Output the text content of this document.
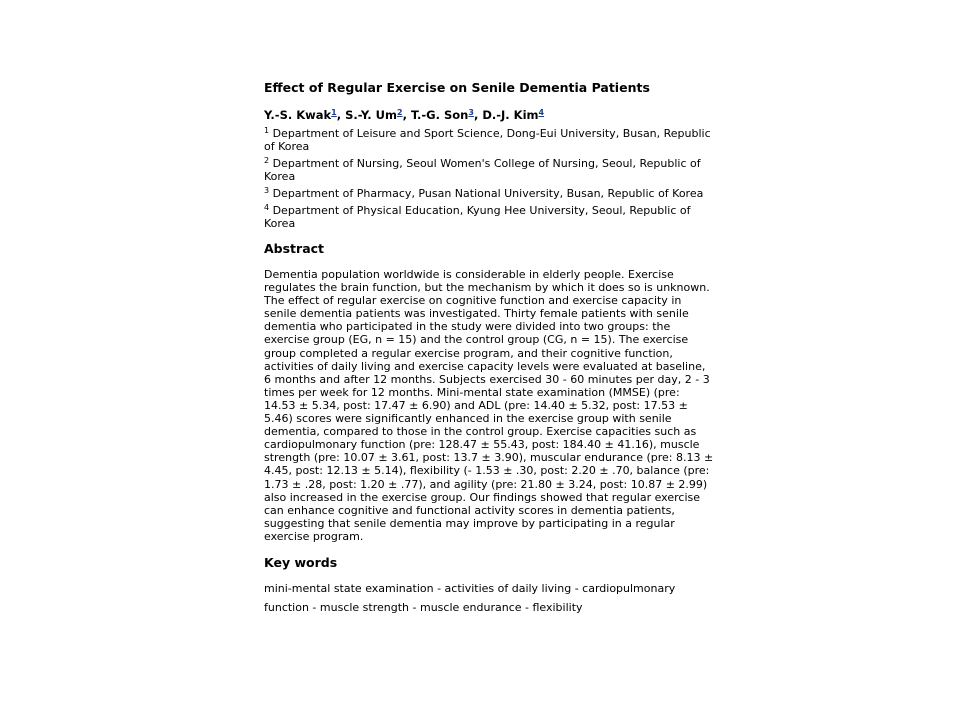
Effect of Regular Exercise on Senile Dementia Patients
Y.-S. Kwak$^1$, S.-Y. Um$^2$, T.-G. Son$^3$, D.-J. Kim$^4$
$^1$ Department of Leisure and Sport Science, Dong-Eui University, Busan, Republic of Korea
$^2$ Department of Nursing, Seoul Women's College of Nursing, Seoul, Republic of Korea
$^3$ Department of Pharmacy, Pusan National University, Busan, Republic of Korea
$^4$ Department of Physical Education, Kyung Hee University, Seoul, Republic of Korea
Abstract
Dementia population worldwide is considerable in elderly people. Exercise regulates the brain function, but the mechanism by which it does so is unknown. The effect of regular exercise on cognitive function and exercise capacity in senile dementia patients was investigated. Thirty female patients with senile dementia who participated in the study were divided into two groups: the exercise group (EG, n = 15) and the control group (CG, n = 15). The exercise group completed a regular exercise program, and their cognitive function, activities of daily living and exercise capacity levels were evaluated at baseline, 6 months and after 12 months. Subjects exercised 30 - 60 minutes per day, 2 - 3 times per week for 12 months. Mini-mental state examination (MMSE) (pre: 14.53 ± 5.34, post: 17.47 ± 6.90) and ADL (pre: 14.40 ± 5.32, post: 17.53 ± 5.46) scores were significantly enhanced in the exercise group with senile dementia, compared to those in the control group. Exercise capacities such as cardiopulmonary function (pre: 128.47 ± 55.43, post: 184.40 ± 41.16), muscle strength (pre: 10.07 ± 3.61, post: 13.7 ± 3.90), muscular endurance (pre: 8.13 ± 4.45, post: 12.13 ± 5.14), flexibility (- 1.53 ± .30, post: 2.20 ± .70, balance (pre: 1.73 ± .28, post: 1.20 ± .77), and agility (pre: 21.80 ± 3.24, post: 10.87 ± 2.99) also increased in the exercise group. Our findings showed that regular exercise can enhance cognitive and functional activity scores in dementia patients, suggesting that senile dementia may improve by participating in a regular exercise program.
Key words
mini-mental state examination - activities of daily living - cardiopulmonary function - muscle strength - muscle endurance - flexibility
